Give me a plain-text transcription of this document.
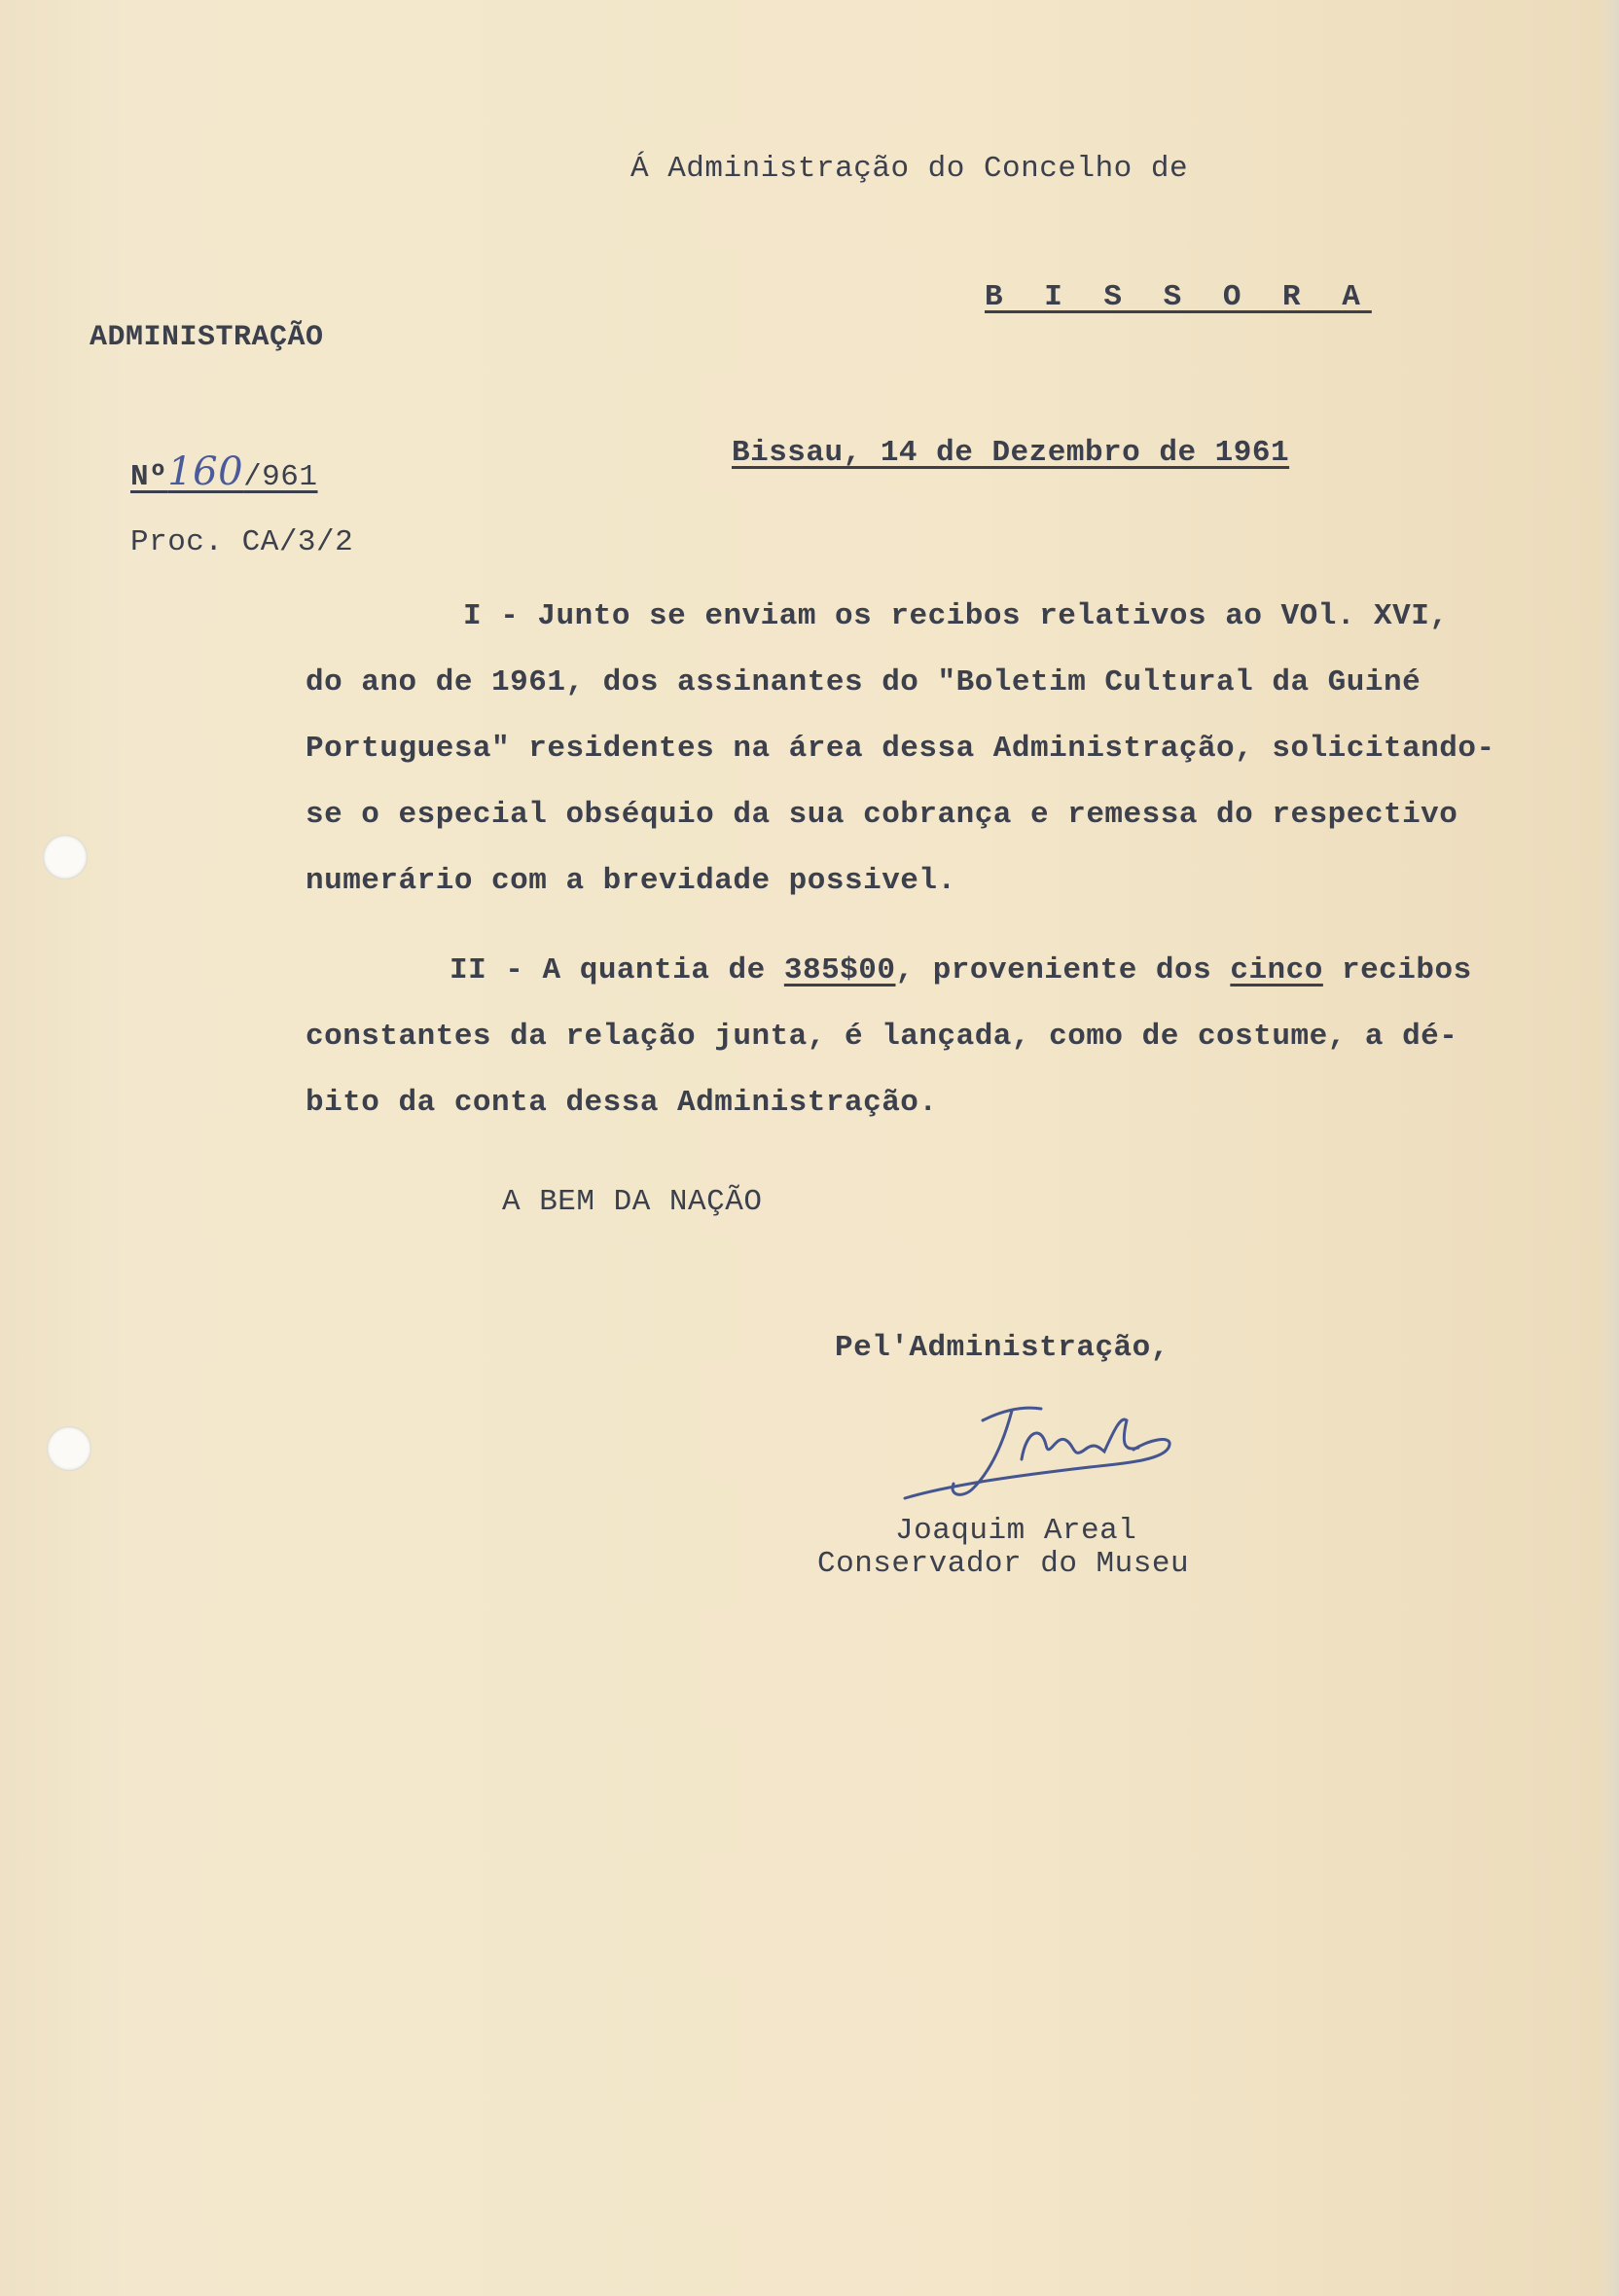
Á Administração do Concelho de
B I S S O R A
ADMINISTRAÇÃO
Nº160/961
Proc. CA/3/2
Bissau, 14 de Dezembro de 1961
I - Junto se enviam os recibos relativos ao VOl. XVI,
do ano de 1961, dos assinantes do "Boletim Cultural da Guiné
Portuguesa" residentes na área dessa Administração, solicitando-
se o especial obséquio da sua cobrança e remessa do respectivo
numerário com a brevidade possivel.
II - A quantia de 385$00, proveniente dos cinco recibos
constantes da relação junta, é lançada, como de costume, a dé-
bito da conta dessa Administração.
A BEM DA NAÇÃO
Pel'Administração,
Joaquim Areal
Conservador do Museu
